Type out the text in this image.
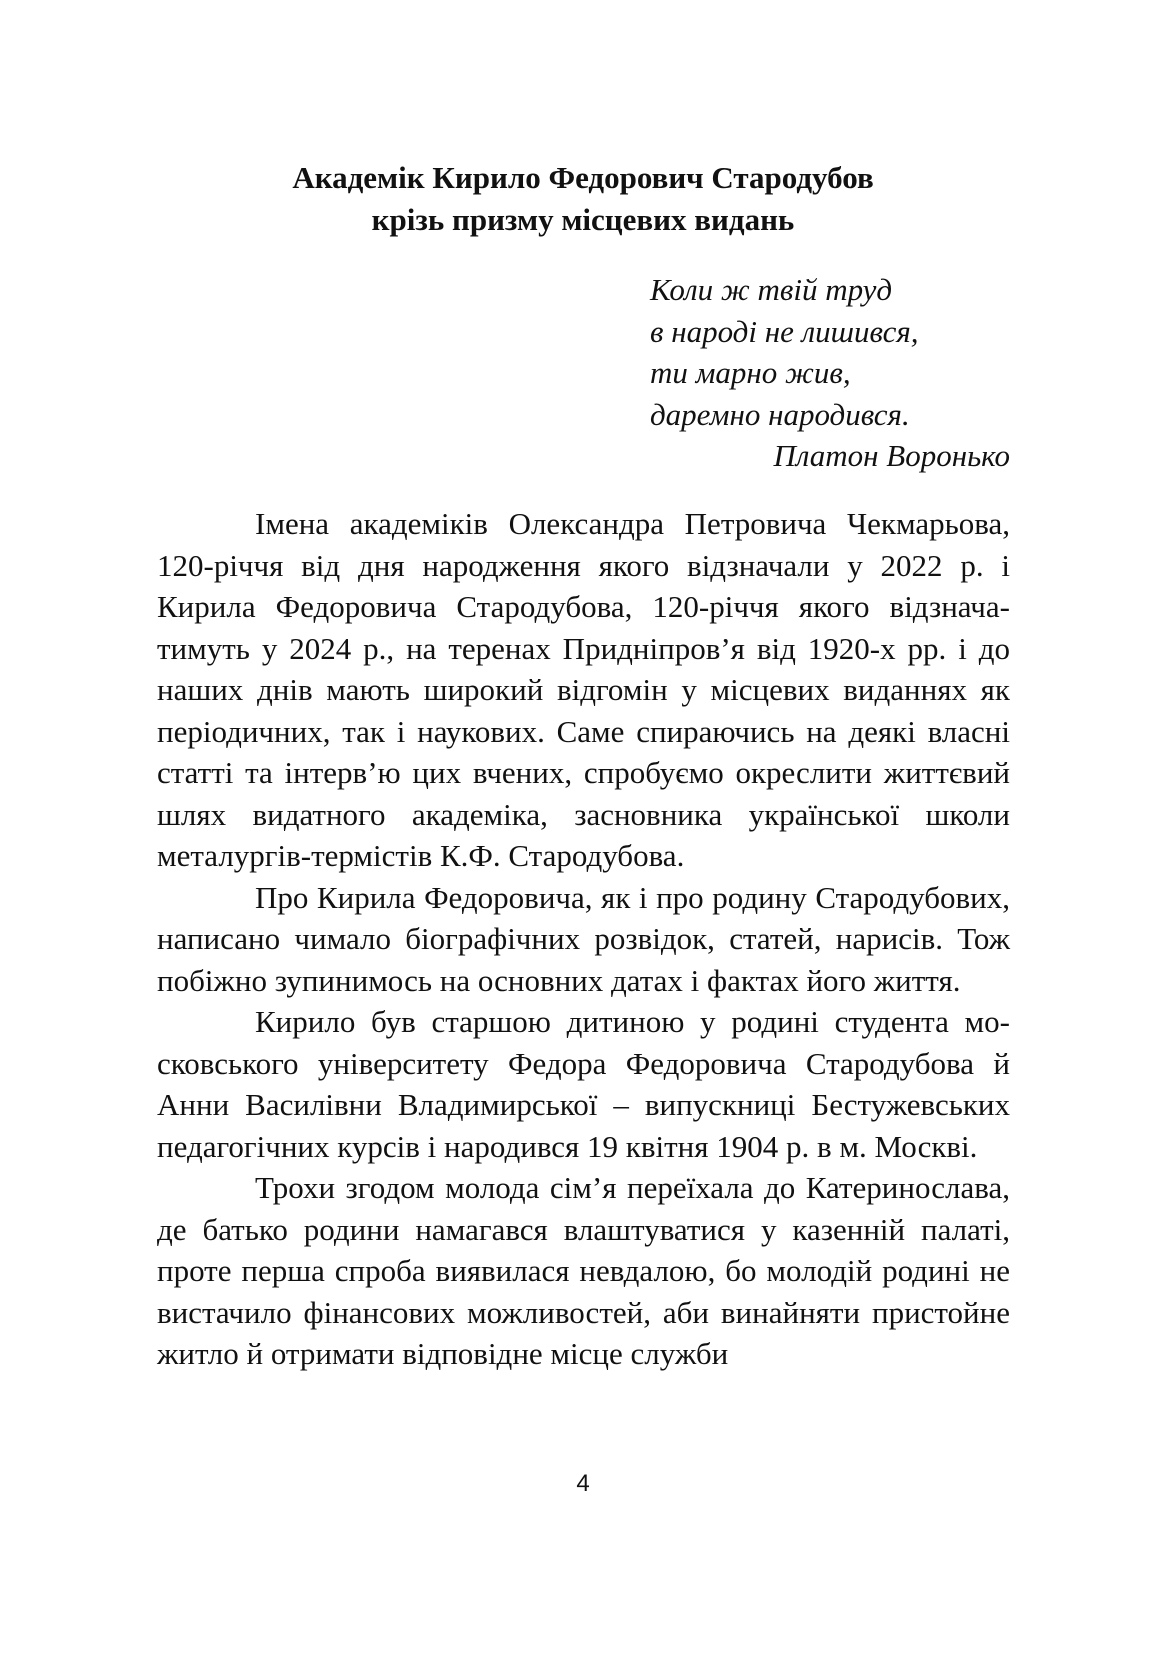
Академік Кирило Федорович Стародубов
крізь призму місцевих видань
Коли ж твій труд
в народі не лишився,
ти марно жив,
даремно народився.
Платон Воронько

Імена академіків Олександра Петровича Чекмарьова, 120-річчя від дня народження якого відзначали у 2022 р. і Кирила Федоровича Стародубова, 120-річчя якого відзначатимуть у 2024 р., на теренах Придніпров’я від 1920-х рр. і до наших днів мають широкий відгомін у місцевих виданнях як періодичних, так і наукових. Саме спираючись на деякі власні статті та інтерв’ю цих вчених, спробуємо окреслити життєвий шлях видатного академіка, засновника української школи металургів-термістів К.Ф. Стародубова.

Про Кирила Федоровича, як і про родину Стародубових, написано чимало біографічних розвідок, статей, нарисів. Тож побіжно зупинимось на основних датах і фактах його життя.

Кирило був старшою дитиною у родині студента московського університету Федора Федоровича Стародубова й Анни Василівни Владимирської – випускниці Бестужевських педагогічних курсів і народився 19 квітня 1904 р. в м. Москві.

Трохи згодом молода сім’я переїхала до Катеринослава, де батько родини намагався влаштуватися у казенній палаті, проте перша спроба виявилася невдалою, бо молодій родині не вистачило фінансових можливостей, аби винайняти пристойне житло й отримати відповідне місце служби

4
